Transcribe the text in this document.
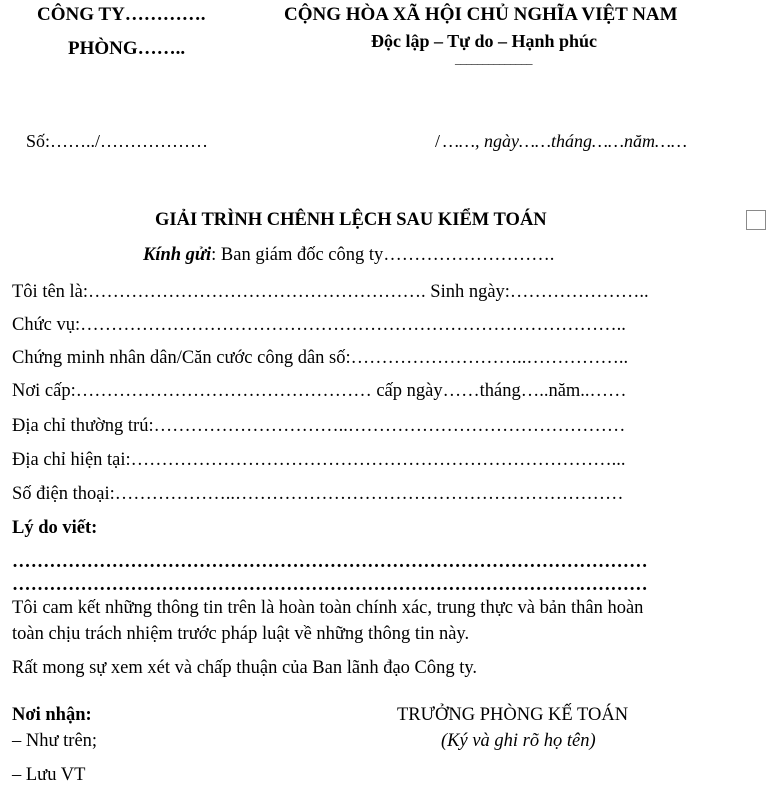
CÔNG TY………….
PHÒNG……..
CỘNG HÒA XÃ HỘI CHỦ NGHĨA VIỆT NAM
Độc lập – Tự do – Hạnh phúc
______________
Số:……../………………	/ ……, ngày……tháng……năm……
GIẢI TRÌNH CHÊNH LỆCH SAU KIỂM TOÁN
Kính gửi: Ban giám đốc công ty……………………….
Tôi tên là:………………………………………………. Sinh ngày:…………………..
Chức vụ:……………………………………………………………………………..
Chứng minh nhân dân/Căn cước công dân số:………………………..……………..
Nơi cấp:………………………………………… cấp ngày……tháng…..năm..……
Địa chỉ thường trú:…………………………..………………………………………
Địa chỉ hiện tại:……………………………………………………………………...
Số điện thoại:………………..………………………………………………………
Lý do viết:
…………………………………………………………………………………………
…………………………………………………………………………………………
Tôi cam kết những thông tin trên là hoàn toàn chính xác, trung thực và bản thân hoàn
toàn chịu trách nhiệm trước pháp luật về những thông tin này.
Rất mong sự xem xét và chấp thuận của Ban lãnh đạo Công ty.
Nơi nhận:
– Như trên;
– Lưu VT
TRƯỞNG PHÒNG KẾ TOÁN
(Ký và ghi rõ họ tên)
